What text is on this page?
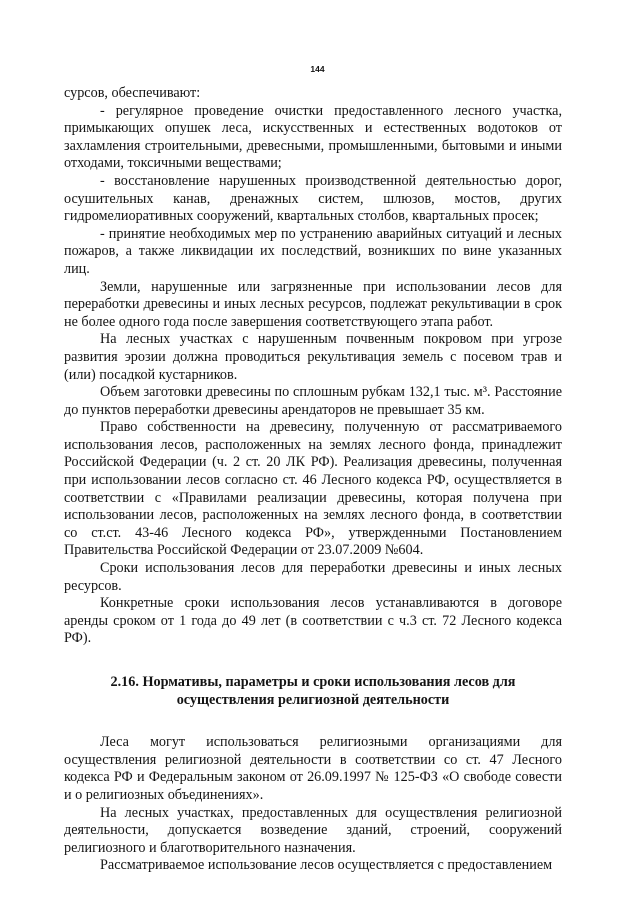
144

сурсов, обеспечивают:

- регулярное проведение очистки предоставленного лесного участка, примыкающих опушек леса, искусственных и естественных водотоков от захламления строительными, древесными, промышленными, бытовыми и иными отходами, токсичными веществами;

- восстановление нарушенных производственной деятельностью дорог, осушительных канав, дренажных систем, шлюзов, мостов, других гидромелиоративных сооружений, квартальных столбов, квартальных просек;

- принятие необходимых мер по устранению аварийных ситуаций и лесных пожаров, а также ликвидации их последствий, возникших по вине указанных лиц.

Земли, нарушенные или загрязненные при использовании лесов для переработки древесины и иных лесных ресурсов, подлежат рекультивации в срок не более одного года после завершения соответствующего этапа работ.

На лесных участках с нарушенным почвенным покровом при угрозе развития эрозии должна проводиться рекультивация земель с посевом трав и (или) посадкой кустарников.

Объем заготовки древесины по сплошным рубкам 132,1 тыс. м³. Расстояние до пунктов переработки древесины арендаторов не превышает 35 км.

Право собственности на древесину, полученную от рассматриваемого использования лесов, расположенных на землях лесного фонда, принадлежит Российской Федерации (ч. 2 ст. 20 ЛК РФ). Реализация древесины, полученная при использовании лесов согласно ст. 46 Лесного кодекса РФ, осуществляется в соответствии с «Правилами реализации древесины, которая получена при использовании лесов, расположенных на землях лесного фонда, в соответствии со ст.ст. 43-46 Лесного кодекса РФ», утвержденными Постановлением Правительства Российской Федерации от 23.07.2009 №604.

Сроки использования лесов для переработки древесины и иных лесных ресурсов.

Конкретные сроки использования лесов устанавливаются в договоре аренды сроком от 1 года до 49 лет (в соответствии с ч.3 ст. 72 Лесного кодекса РФ).

2.16. Нормативы, параметры и сроки использования лесов для
осуществления религиозной деятельности

Леса могут использоваться религиозными организациями для осуществления религиозной деятельности в соответствии со ст. 47 Лесного кодекса РФ и Федеральным законом от 26.09.1997 № 125-ФЗ «О свободе совести и о религиозных объединениях».

На лесных участках, предоставленных для осуществления религиозной деятельности, допускается возведение зданий, строений, сооружений религиозного и благотворительного назначения.

Рассматриваемое использование лесов осуществляется с предоставлением
